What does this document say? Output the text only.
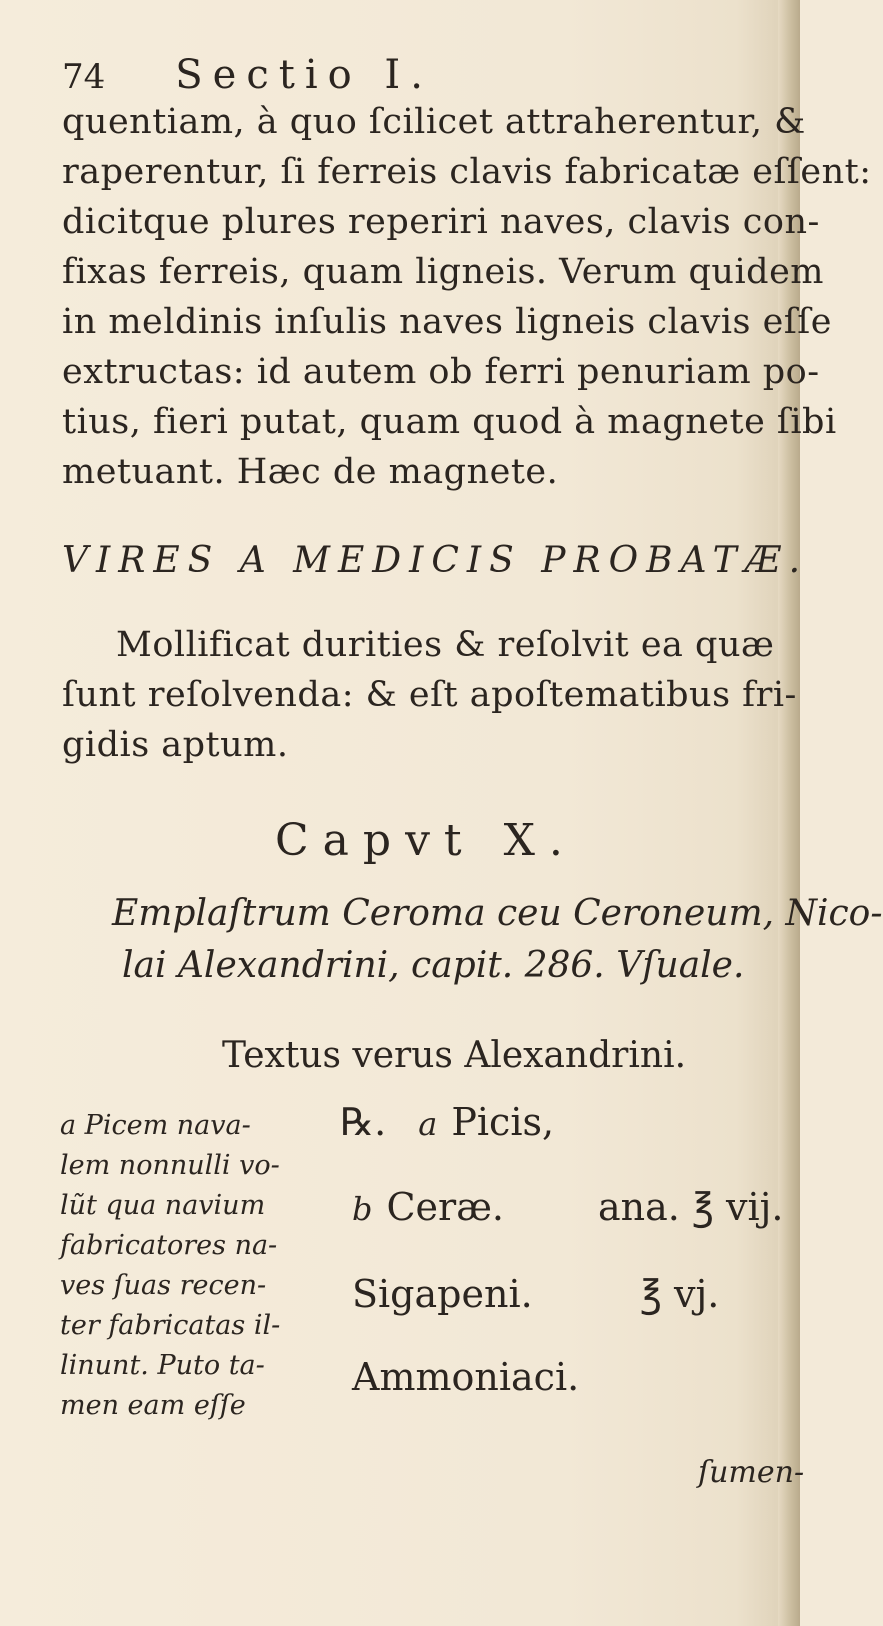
74 Sectio I.
quentiam, à quo ſcilicet attraherentur, &
raperentur, ſi ferreis clavis fabricatæ eſſent:
dicitque plures reperiri naves, clavis con-
fixas ferreis, quam ligneis. Verum quidem
in meldinis inſulis naves ligneis clavis eſſe
extructas: id autem ob ferri penuriam po-
tius, fieri putat, quam quod à magnete ſibi
metuant. Hæc de magnete.
VIRES A MEDICIS PROBATÆ.
Mollificat durities & reſolvit ea quæ
ſunt reſolvenda: & eſt apoſtematibus fri-
gidis aptum.
Capvt X.
Emplaſtrum Ceroma ceu Ceroneum, Nico-
lai Alexandrini, capit. 286. Vſuale.
Textus verus Alexandrini.
a Picem nava-
lem nonnulli vo-
lũt qua navium
fabricatores na-
ves ſuas recen-
ter fabricatas il-
linunt. Puto ta-
men eam eſſe
℞. a Picis,
b Ceræ. ana. ℥ vij.
Sigapeni.	℥ vj.
Ammoniaci.
ſumen-
